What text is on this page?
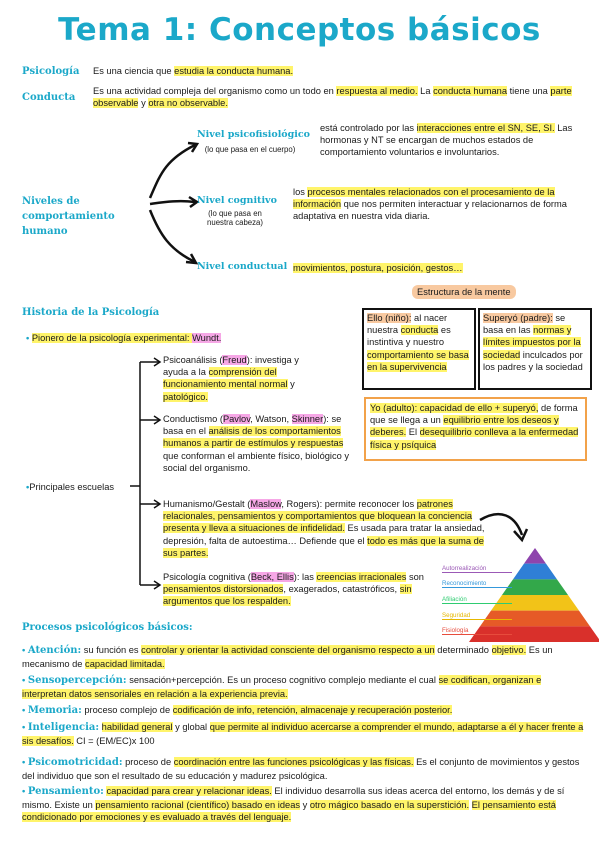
Tema 1: Conceptos básicos
Psicología Es una ciencia que estudia la conducta humana.
Conducta
Es una actividad compleja del organismo como un todo en respuesta al medio. La conducta humana tiene una parte observable y otra no observable.
Niveles de comportamiento humano
Nivel psicofisiológico
(lo que pasa en el cuerpo)
está controlado por las interacciones entre el SN, SE, SI. Las hormonas y NT se encargan de muchos estados de comportamiento voluntarios e involuntarios.
Nivel cognitivo
(lo que pasa en nuestra cabeza)
los procesos mentales relacionados con el procesamiento de la información que nos permiten interactuar y relacionarnos de forma adaptativa en nuestra vida diaria.
Nivel conductual movimientos, postura, posición, gestos…
Historia de la Psicología
• Pionero de la psicología experimental: Wundt.
•Principales escuelas
Estructura de la mente
Ello (niño): al nacer nuestra conducta es instintiva y nuestro comportamiento se basa en la supervivencia
Superyó (padre): se basa en las normas y límites impuestos por la sociedad inculcados por los padres y la sociedad
Yo (adulto): capacidad de ello + superyó, de forma que se llega a un equilibrio entre los deseos y deberes. El desequilibrio conlleva a la enfermedad física y psíquica
Psicoanálisis (Freud): investiga y ayuda a la comprensión del funcionamiento mental normal y patológico.
Conductismo (Pavlov, Watson, Skinner): se basa en el análisis de los comportamientos humanos a partir de estímulos y respuestas que conforman el ambiente físico, biológico y social del organismo.
Humanismo/Gestalt (Maslow, Rogers): permite reconocer los patrones relacionales, pensamientos y comportamientos que bloquean la conciencia presenta y lleva a situaciones de infidelidad. Es usada para tratar la ansiedad, depresión, falta de autoestima… Defiende que el todo es más que la suma de sus partes.
Psicología cognitiva (Beck, Ellis): las creencias irracionales son pensamientos distorsionados, exagerados, catastróficos, sin argumentos que los respalden.
Autorrealización
Reconocimiento
Afiliación
Seguridad
Fisiología
Procesos psicológicos básicos:
• Atención: su función es controlar y orientar la actividad consciente del organismo respecto a un determinado objetivo. Es un mecanismo de capacidad limitada.
• Sensopercepción: sensación+percepción. Es un proceso cognitivo complejo mediante el cual se codifican, organizan e interpretan datos sensoriales en relación a la experiencia previa.
• Memoria: proceso complejo de codificación de info, retención, almacenaje y recuperación posterior.
• Inteligencia: habilidad general y global que permite al individuo acercarse a comprender el mundo, adaptarse a él y hacer frente a sis desafíos. CI = (EM/EC)x 100
• Psicomotricidad: proceso de coordinación entre las funciones psicológicas y las físicas. Es el conjunto de movimientos y gestos del individuo que son el resultado de su educación y madurez psicológica.
• Pensamiento: capacidad para crear y relacionar ideas. El individuo desarrolla sus ideas acerca del entorno, los demás y de sí mismo. Existe un pensamiento racional (científico) basado en ideas y otro mágico basado en la superstición. El pensamiento está condicionado por emociones y es evaluado a través del lenguaje.
